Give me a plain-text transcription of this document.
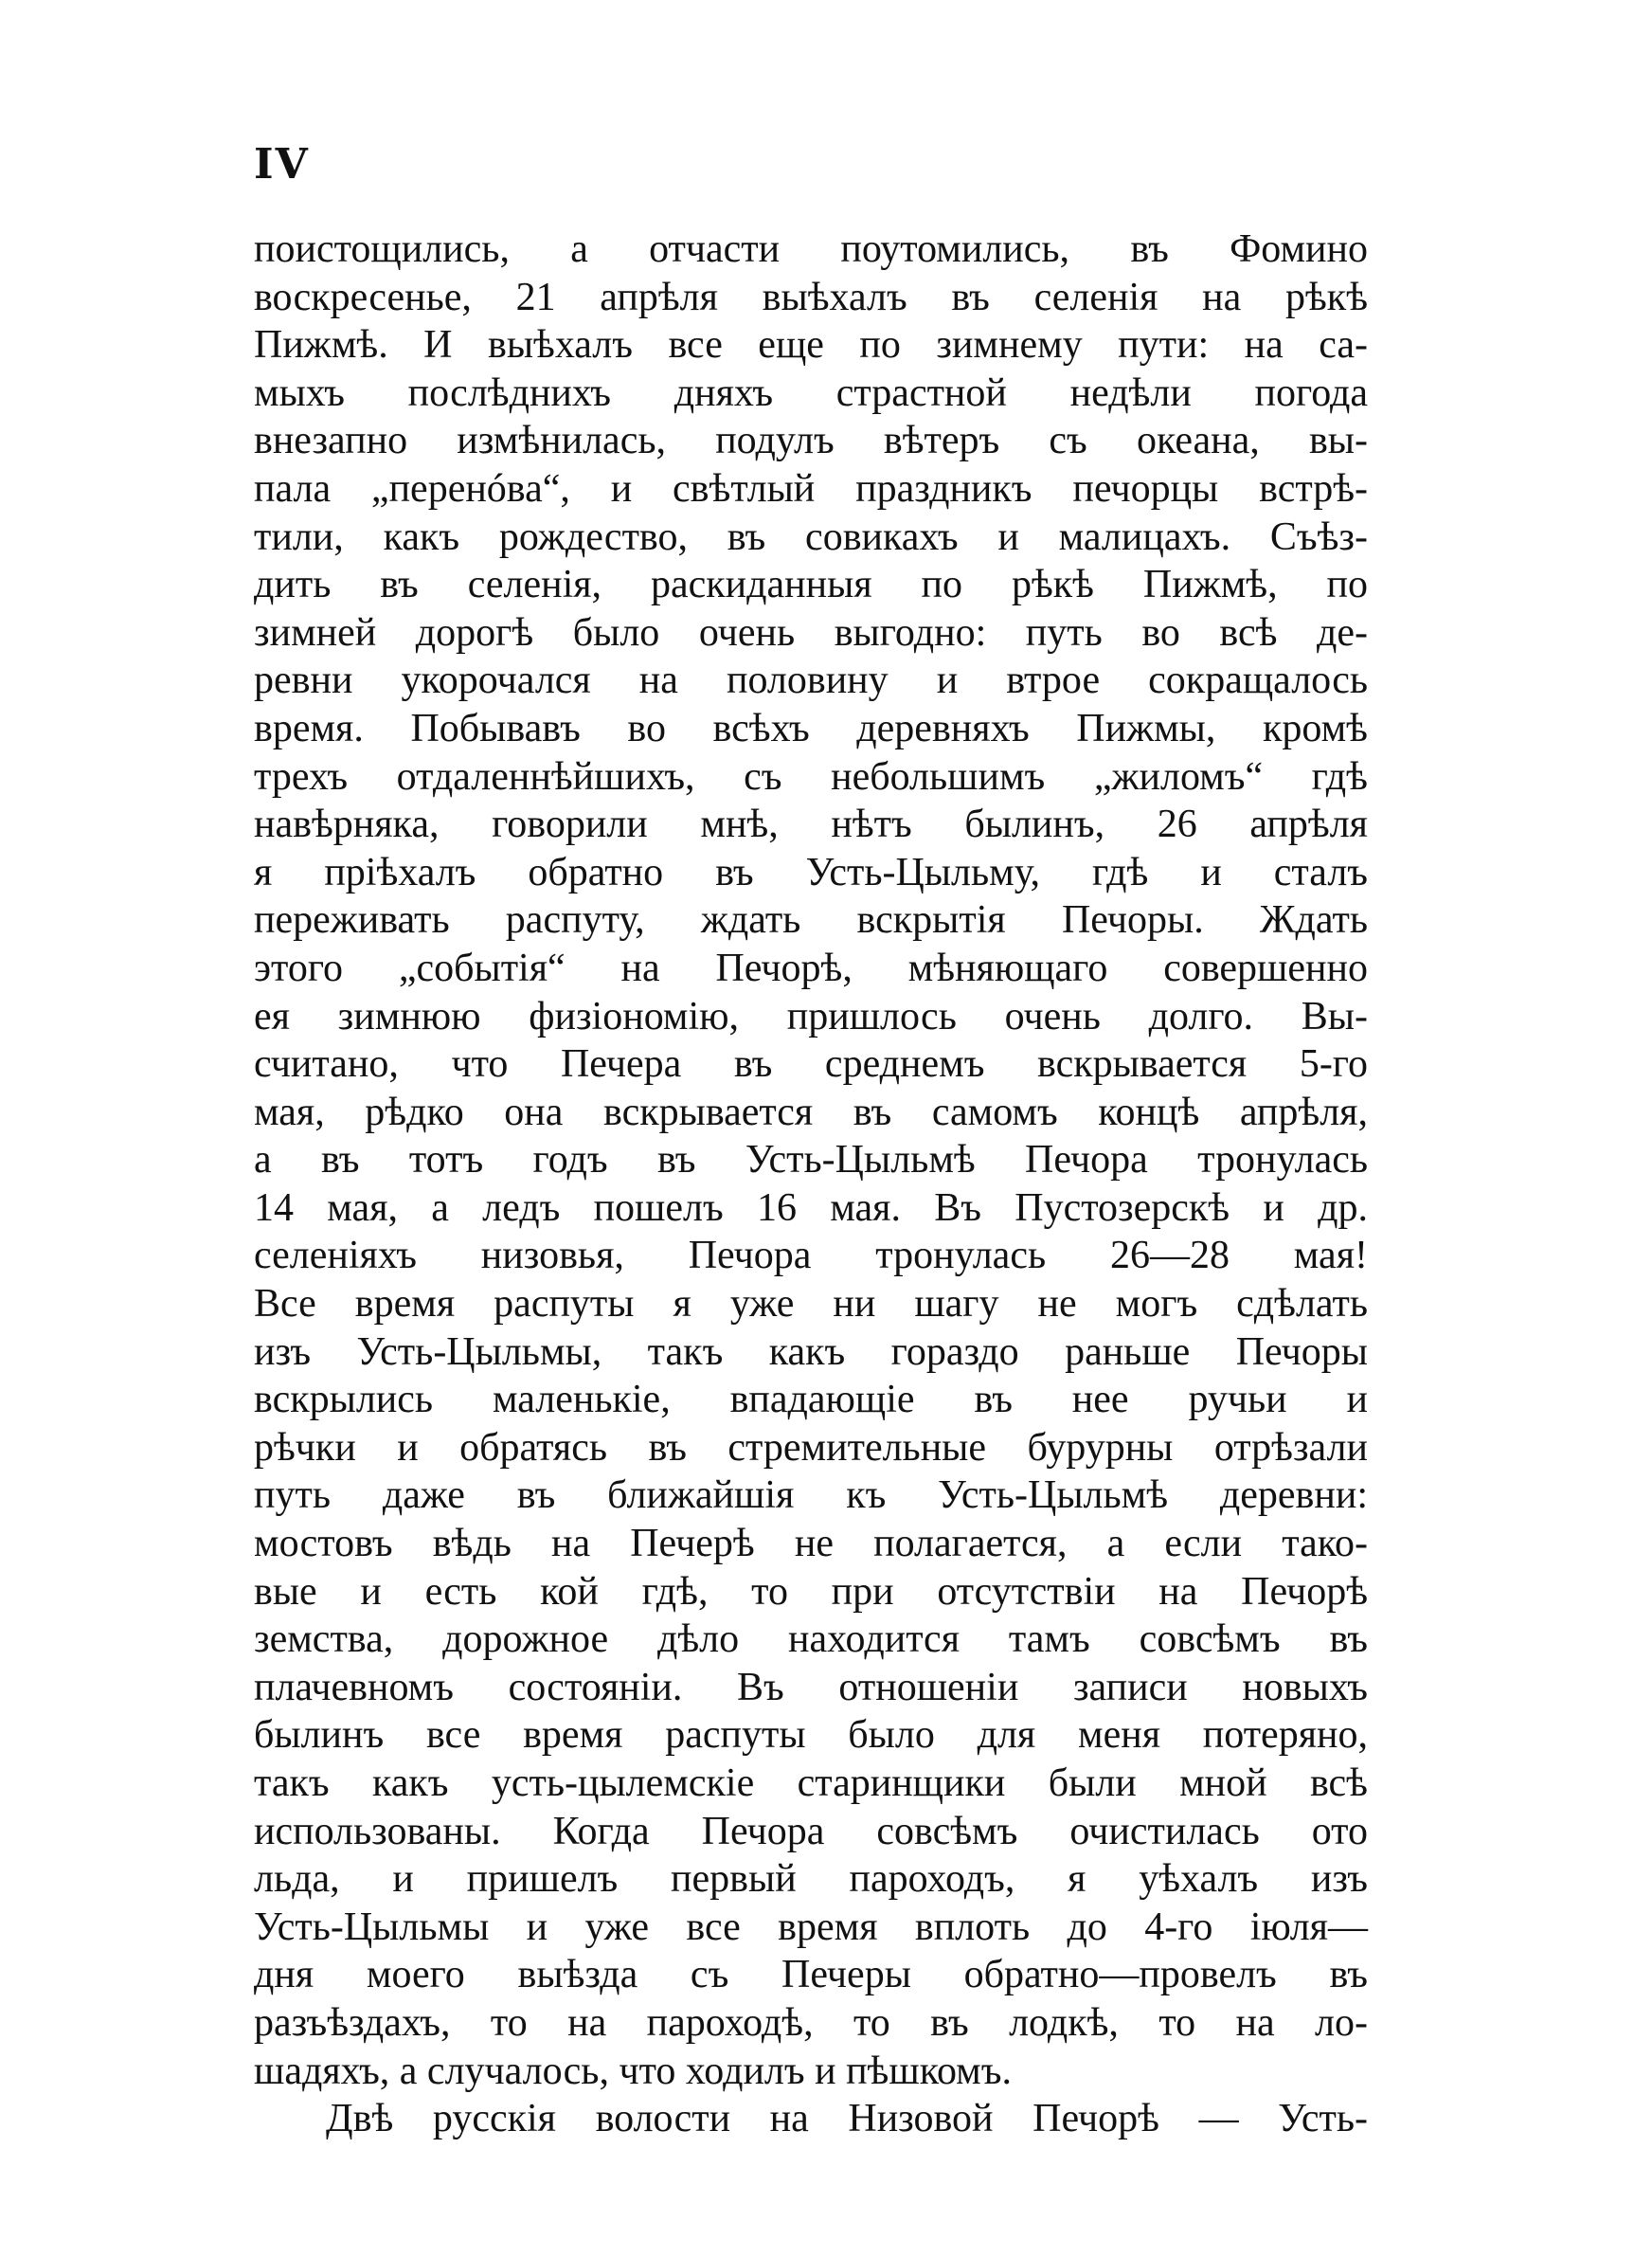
IV
поистощились, а отчасти поутомились, въ Фомино
воскресенье, 21 апрѣля выѣхалъ въ селенія на рѣкѣ
Пижмѣ. И выѣхалъ все еще по зимнему пути: на са-
мыхъ послѣднихъ дняхъ страстной недѣли погода
внезапно измѣнилась, подулъ вѣтеръ съ океана, вы-
пала „перенóва“, и свѣтлый праздникъ печорцы встрѣ-
тили, какъ рождество, въ совикахъ и малицахъ. Съѣз-
дить въ селенія, раскиданныя по рѣкѣ Пижмѣ, по
зимней дорогѣ было очень выгодно: путь во всѣ де-
ревни укорочался на половину и втрое сокращалось
время. Побывавъ во всѣхъ деревняхъ Пижмы, кромѣ
трехъ отдаленнѣйшихъ, съ небольшимъ „жиломъ“ гдѣ
навѣрняка, говорили мнѣ, нѣтъ былинъ, 26 апрѣля
я пріѣхалъ обратно въ Усть-Цыльму, гдѣ и сталъ
переживать распуту, ждать вскрытія Печоры. Ждать
этого „событія“ на Печорѣ, мѣняющаго совершенно
ея зимнюю физіономію, пришлось очень долго. Вы-
считано, что Печера въ среднемъ вскрывается 5-го
мая, рѣдко она вскрывается въ самомъ концѣ апрѣля,
а въ тотъ годъ въ Усть-Цыльмѣ Печора тронулась
14 мая, а ледъ пошелъ 16 мая. Въ Пустозерскѣ и др.
селеніяхъ низовья, Печора тронулась 26—28 мая!
Все время распуты я уже ни шагу не могъ сдѣлать
изъ Усть-Цыльмы, такъ какъ гораздо раньше Печоры
вскрылись маленькіе, впадающіе въ нее ручьи и
рѣчки и обратясь въ стремительные бурурны отрѣзали
путь даже въ ближайшія къ Усть-Цыльмѣ деревни:
мостовъ вѣдь на Печерѣ не полагается, а если тако-
вые и есть кой гдѣ, то при отсутствіи на Печорѣ
земства, дорожное дѣло находится тамъ совсѣмъ въ
плачевномъ состояніи. Въ отношеніи записи новыхъ
былинъ все время распуты было для меня потеряно,
такъ какъ усть-цылемскіе старинщики были мной всѣ
использованы. Когда Печора совсѣмъ очистилась ото
льда, и пришелъ первый пароходъ, я уѣхалъ изъ
Усть-Цыльмы и уже все время вплоть до 4-го іюля—
дня моего выѣзда съ Печеры обратно—провелъ въ
разъѣздахъ, то на пароходѣ, то въ лодкѣ, то на ло-
шадяхъ, а случалось, что ходилъ и пѣшкомъ.
Двѣ русскія волости на Низовой Печорѣ — Усть-
